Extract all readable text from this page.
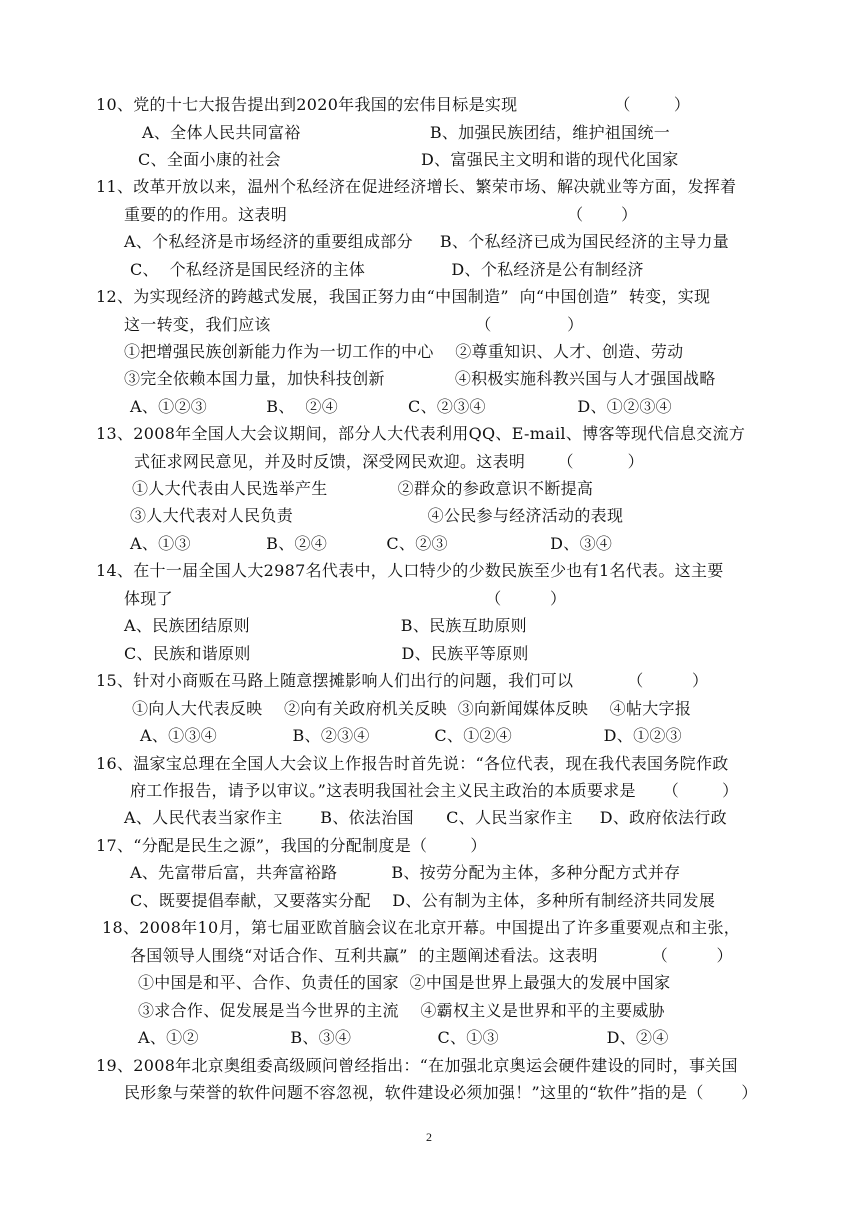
10、党的十七大报告提出到2020年我国的宏伟目标是实现                  （        ）
A、全体人民共同富裕                        B、加强民族团结，维护祖国统一
C、全面小康的社会                          D、富强民主文明和谐的现代化国家
11、改革开放以来，温州个私经济在促进经济增长、繁荣市场、解决就业等方面，发挥着
重要的的作用。这表明                                                    （       ）
A、个私经济是市场经济的重要组成部分     B、个私经济已成为国民经济的主导力量
C、  个私经济是国民经济的主体                D、个私经济是公有制经济
12、为实现经济的跨越式发展，我国正努力由“中国制造”  向“中国创造”  转变，实现
这一转变，我们应该                                      （              ）
①把增强民族创新能力作为一切工作的中心    ②尊重知识、人才、创造、劳动
③完全依赖本国力量，加快科技创新             ④积极实施科教兴国与人才强国战略
A、①②③           B、  ②④             C、②③④                 D、①②③④
13、2008年全国人大会议期间，部分人大代表利用QQ、E-mail、博客等现代信息交流方
式征求网民意见，并及时反馈，深受网民欢迎。这表明      （          ）
①人大代表由人民选举产生             ②群众的参政意识不断提高
③人大代表对人民负责                         ④公民参与经济活动的表现
A、①③              B、②④           C、②③                   D、③④
14、在十一届全国人大2987名代表中，人口特少的少数民族至少也有1名代表。这主要
体现了                                                          （         ）
A、民族团结原则                            B、民族互助原则
C、民族和谐原则                            D、民族平等原则
15、针对小商贩在马路上随意摆摊影响人们出行的问题，我们可以          （         ）
①向人大代表反映    ②向有关政府机关反映  ③向新闻媒体反映    ④帖大字报
A、①③④              B、②③④            C、①②④                 D、①②③
16、温家宝总理在全国人大会议上作报告时首先说：“各位代表，现在我代表国务院作政
府工作报告，请予以审议。”这表明我国社会主义民主政治的本质要求是     （        ）
A、人民代表当家作主       B、依法治国      C、人民当家作主     D、政府依法行政
17、“分配是民生之源”，我国的分配制度是（        ）
A、先富带后富，共奔富裕路          B、按劳分配为主体，多种分配方式并存
C、既要提倡奉献，又要落实分配    D、公有制为主体，多种所有制经济共同发展
18、2008年10月，第七届亚欧首脑会议在北京开幕。中国提出了许多重要观点和主张，
各国领导人围绕“对话合作、互利共赢”  的主题阐述看法。这表明          （         ）
①中国是和平、合作、负责任的国家  ②中国是世界上最强大的发展中国家
③求合作、促发展是当今世界的主流    ④霸权主义是世界和平的主要威胁
A、①②                 B、③④                C、①③                    D、②④
19、2008年北京奥组委高级顾问曾经指出：“在加强北京奥运会硬件建设的同时，事关国
民形象与荣誉的软件问题不容忽视，软件建设必须加强！”这里的“软件”指的是（       ）
2
